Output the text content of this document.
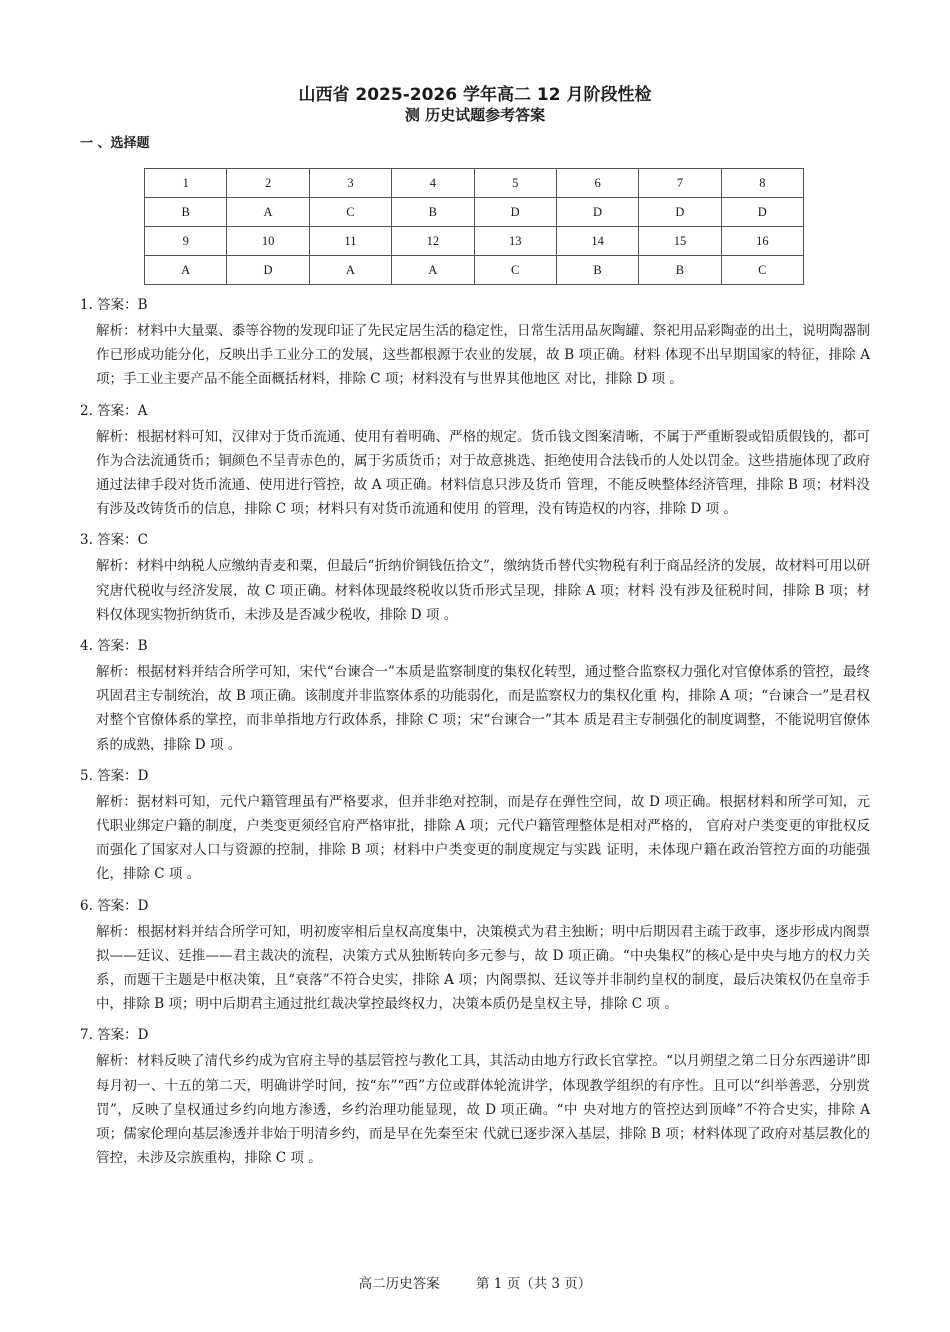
山西省 2025-2026 学年高二 12 月阶段性检
测 历史试题参考答案
一 、选择题
1	2	3	4	5	6	7	8
B	A	C	B	D	D	D	D
9	10	11	12	13	14	15	16
A	D	A	A	C	B	B	C
1. 答案：B
解析：材料中大量粟、黍等谷物的发现印证了先民定居生活的稳定性，日常生活用品灰陶罐、祭祀用品彩陶壶的出土，说明陶器制作已形成功能分化，反映出手工业分工的发展，这些都根源于农业的发展，故 B 项正确。材料 体现不出早期国家的特征，排除 A 项；手工业主要产品不能全面概括材料，排除 C 项；材料没有与世界其他地区 对比，排除 D 项 。
2. 答案：A
解析：根据材料可知，汉律对于货币流通、使用有着明确、严格的规定。货币钱文图案清晰，不属于严重断裂或铅质假钱的，都可作为合法流通货币；铜颜色不呈青赤色的，属于劣质货币；对于故意挑选、拒绝使用合法钱币的人处以罚金。这些措施体现了政府通过法律手段对货币流通、使用进行管控，故 A 项正确。材料信息只涉及货币 管理，不能反映整体经济管理，排除 B 项；材料没有涉及改铸货币的信息，排除 C 项；材料只有对货币流通和使用 的管理，没有铸造权的内容，排除 D 项 。
3. 答案：C
解析：材料中纳税人应缴纳青麦和粟，但最后“折纳价铜钱伍拾文”，缴纳货币替代实物税有利于商品经济的发展，故材料可用以研究唐代税收与经济发展，故 C 项正确。材料体现最终税收以货币形式呈现，排除 A 项；材料 没有涉及征税时间，排除 B 项；材料仅体现实物折纳货币，未涉及是否减少税收，排除 D 项 。
4. 答案：B
解析：根据材料并结合所学可知，宋代“台谏合一”本质是监察制度的集权化转型，通过整合监察权力强化对官僚体系的管控，最终巩固君主专制统治，故 B 项正确。该制度并非监察体系的功能弱化，而是监察权力的集权化重 构，排除 A 项；“台谏合一”是君权对整个官僚体系的掌控，而非单指地方行政体系，排除 C 项；宋“台谏合一”其本 质是君主专制强化的制度调整，不能说明官僚体系的成熟，排除 D 项 。
5. 答案：D
解析：据材料可知，元代户籍管理虽有严格要求，但并非绝对控制，而是存在弹性空间，故 D 项正确。根据材料和所学可知，元代职业绑定户籍的制度，户类变更须经官府严格审批，排除 A 项；元代户籍管理整体是相对严格的， 官府对户类变更的审批权反而强化了国家对人口与资源的控制，排除 B 项；材料中户类变更的制度规定与实践 证明，未体现户籍在政治管控方面的功能强化，排除 C 项 。
6. 答案：D
解析：根据材料并结合所学可知，明初废宰相后皇权高度集中，决策模式为君主独断；明中后期因君主疏于政事，逐步形成内阁票拟——廷议、廷推——君主裁决的流程，决策方式从独断转向多元参与，故 D 项正确。“中央集权”的核心是中央与地方的权力关系，而题干主题是中枢决策，且“衰落”不符合史实，排除 A 项；内阁票拟、廷议等并非制约皇权的制度，最后决策权仍在皇帝手中，排除 B 项；明中后期君主通过批红裁决掌控最终权力，决策本质仍是皇权主导，排除 C 项 。
7. 答案：D
解析：材料反映了清代乡约成为官府主导的基层管控与教化工具，其活动由地方行政长官掌控。“以月朔望之第二日分东西递讲”即每月初一、十五的第二天，明确讲学时间，按“东”“西”方位或群体轮流讲学，体现教学组织的有序性。且可以“纠举善恶，分别赏罚”，反映了皇权通过乡约向地方渗透，乡约治理功能显现，故 D 项正确。“中 央对地方的管控达到顶峰”不符合史实，排除 A 项；儒家伦理向基层渗透并非始于明清乡约，而是早在先秦至宋 代就已逐步深入基层，排除 B 项；材料体现了政府对基层教化的管控，未涉及宗族重构，排除 C 项 。
高二历史答案	第 1 页（共 3 页）
